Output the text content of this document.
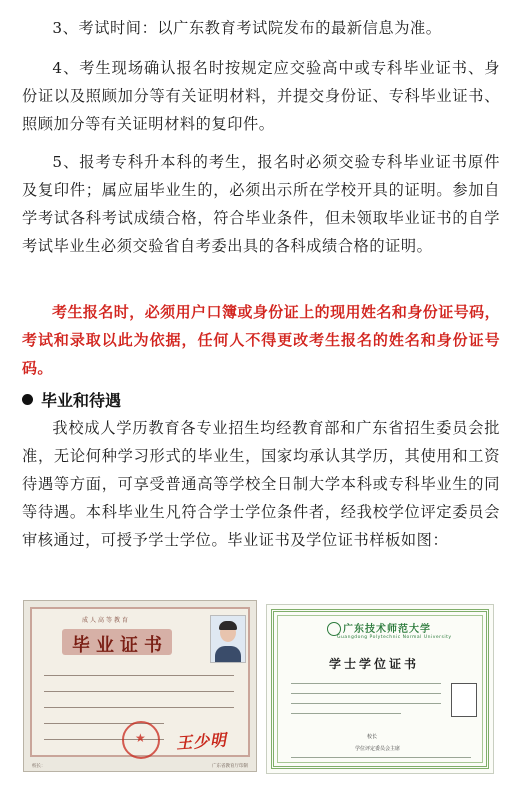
3、考试时间：以广东教育考试院发布的最新信息为准。

4、考生现场确认报名时按规定应交验高中或专科毕业证书、身份证以及照顾加分等有关证明材料，并提交身份证、专科毕业证书、照顾加分等有关证明材料的复印件。

5、报考专科升本科的考生，报名时必须交验专科毕业证书原件及复印件；属应届毕业生的，必须出示所在学校开具的证明。参加自学考试各科考试成绩合格，符合毕业条件，但未领取毕业证书的自学考试毕业生必须交验省自考委出具的各科成绩合格的证明。

考生报名时，必须用户口簿或身份证上的现用姓名和身份证号码，考试和录取以此为依据，任何人不得更改考生报名的姓名和身份证号码。

毕业和待遇

我校成人学历教育各专业招生均经教育部和广东省招生委员会批准，无论何种学习形式的毕业生，国家均承认其学历，其使用和工资待遇等方面，可享受普通高等学校全日制大学本科或专科毕业生的同等待遇。本科毕业生凡符合学士学位条件者，经我校学位评定委员会审核通过，可授予学士学位。毕业证书及学位证书样板如图：

成人高等教育
毕业证书
★ 王少明
校长：	广东省教育厅印制
广东技术师范大学
Guangdong Polytechnic Normal University
学士学位证书
校长
学位评定委员会主席
